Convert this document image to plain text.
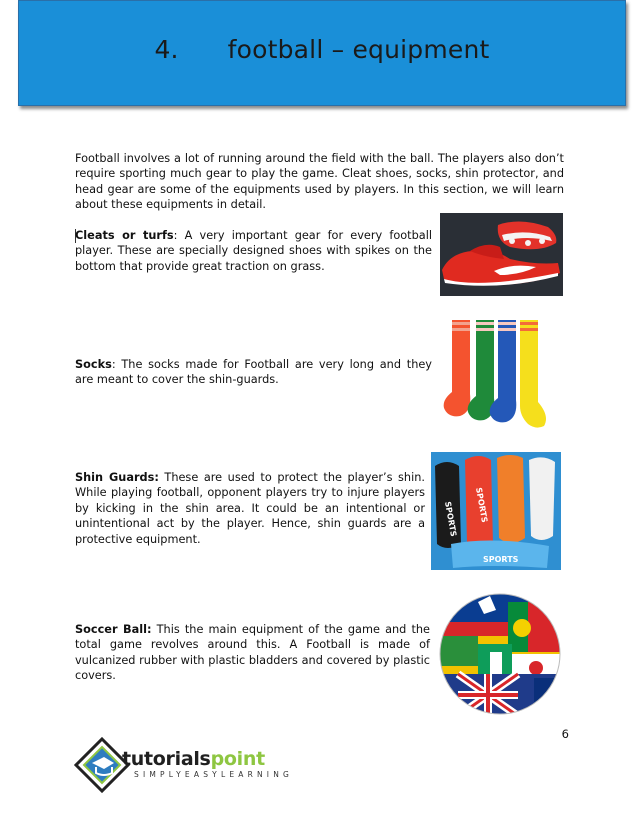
4.      football – equipment

Football involves a lot of running around the field with the ball. The players also don’t require sporting much gear to play the game. Cleat shoes, socks, shin protector, and head gear are some of the equipments used by players. In this section, we will learn about these equipments in detail.

Cleats or turfs: A very important gear for every football player. These are specially designed shoes with spikes on the bottom that provide great traction on grass.

Socks: The socks made for Football are very long and they are meant to cover the shin-guards.

Shin Guards: These are used to protect the player’s shin. While playing football, opponent players try to injure players by kicking in the shin area. It could be an intentional or unintentional act by the player. Hence, shin guards are a protective equipment.

SPORTS SPORTS
SPORTS

Soccer Ball: This the main equipment of the game and the total game revolves around this. A Football is made of vulcanized rubber with plastic bladders and covered by plastic covers.

6
tutorialspoint
SIMPLYEASYLEARNING
